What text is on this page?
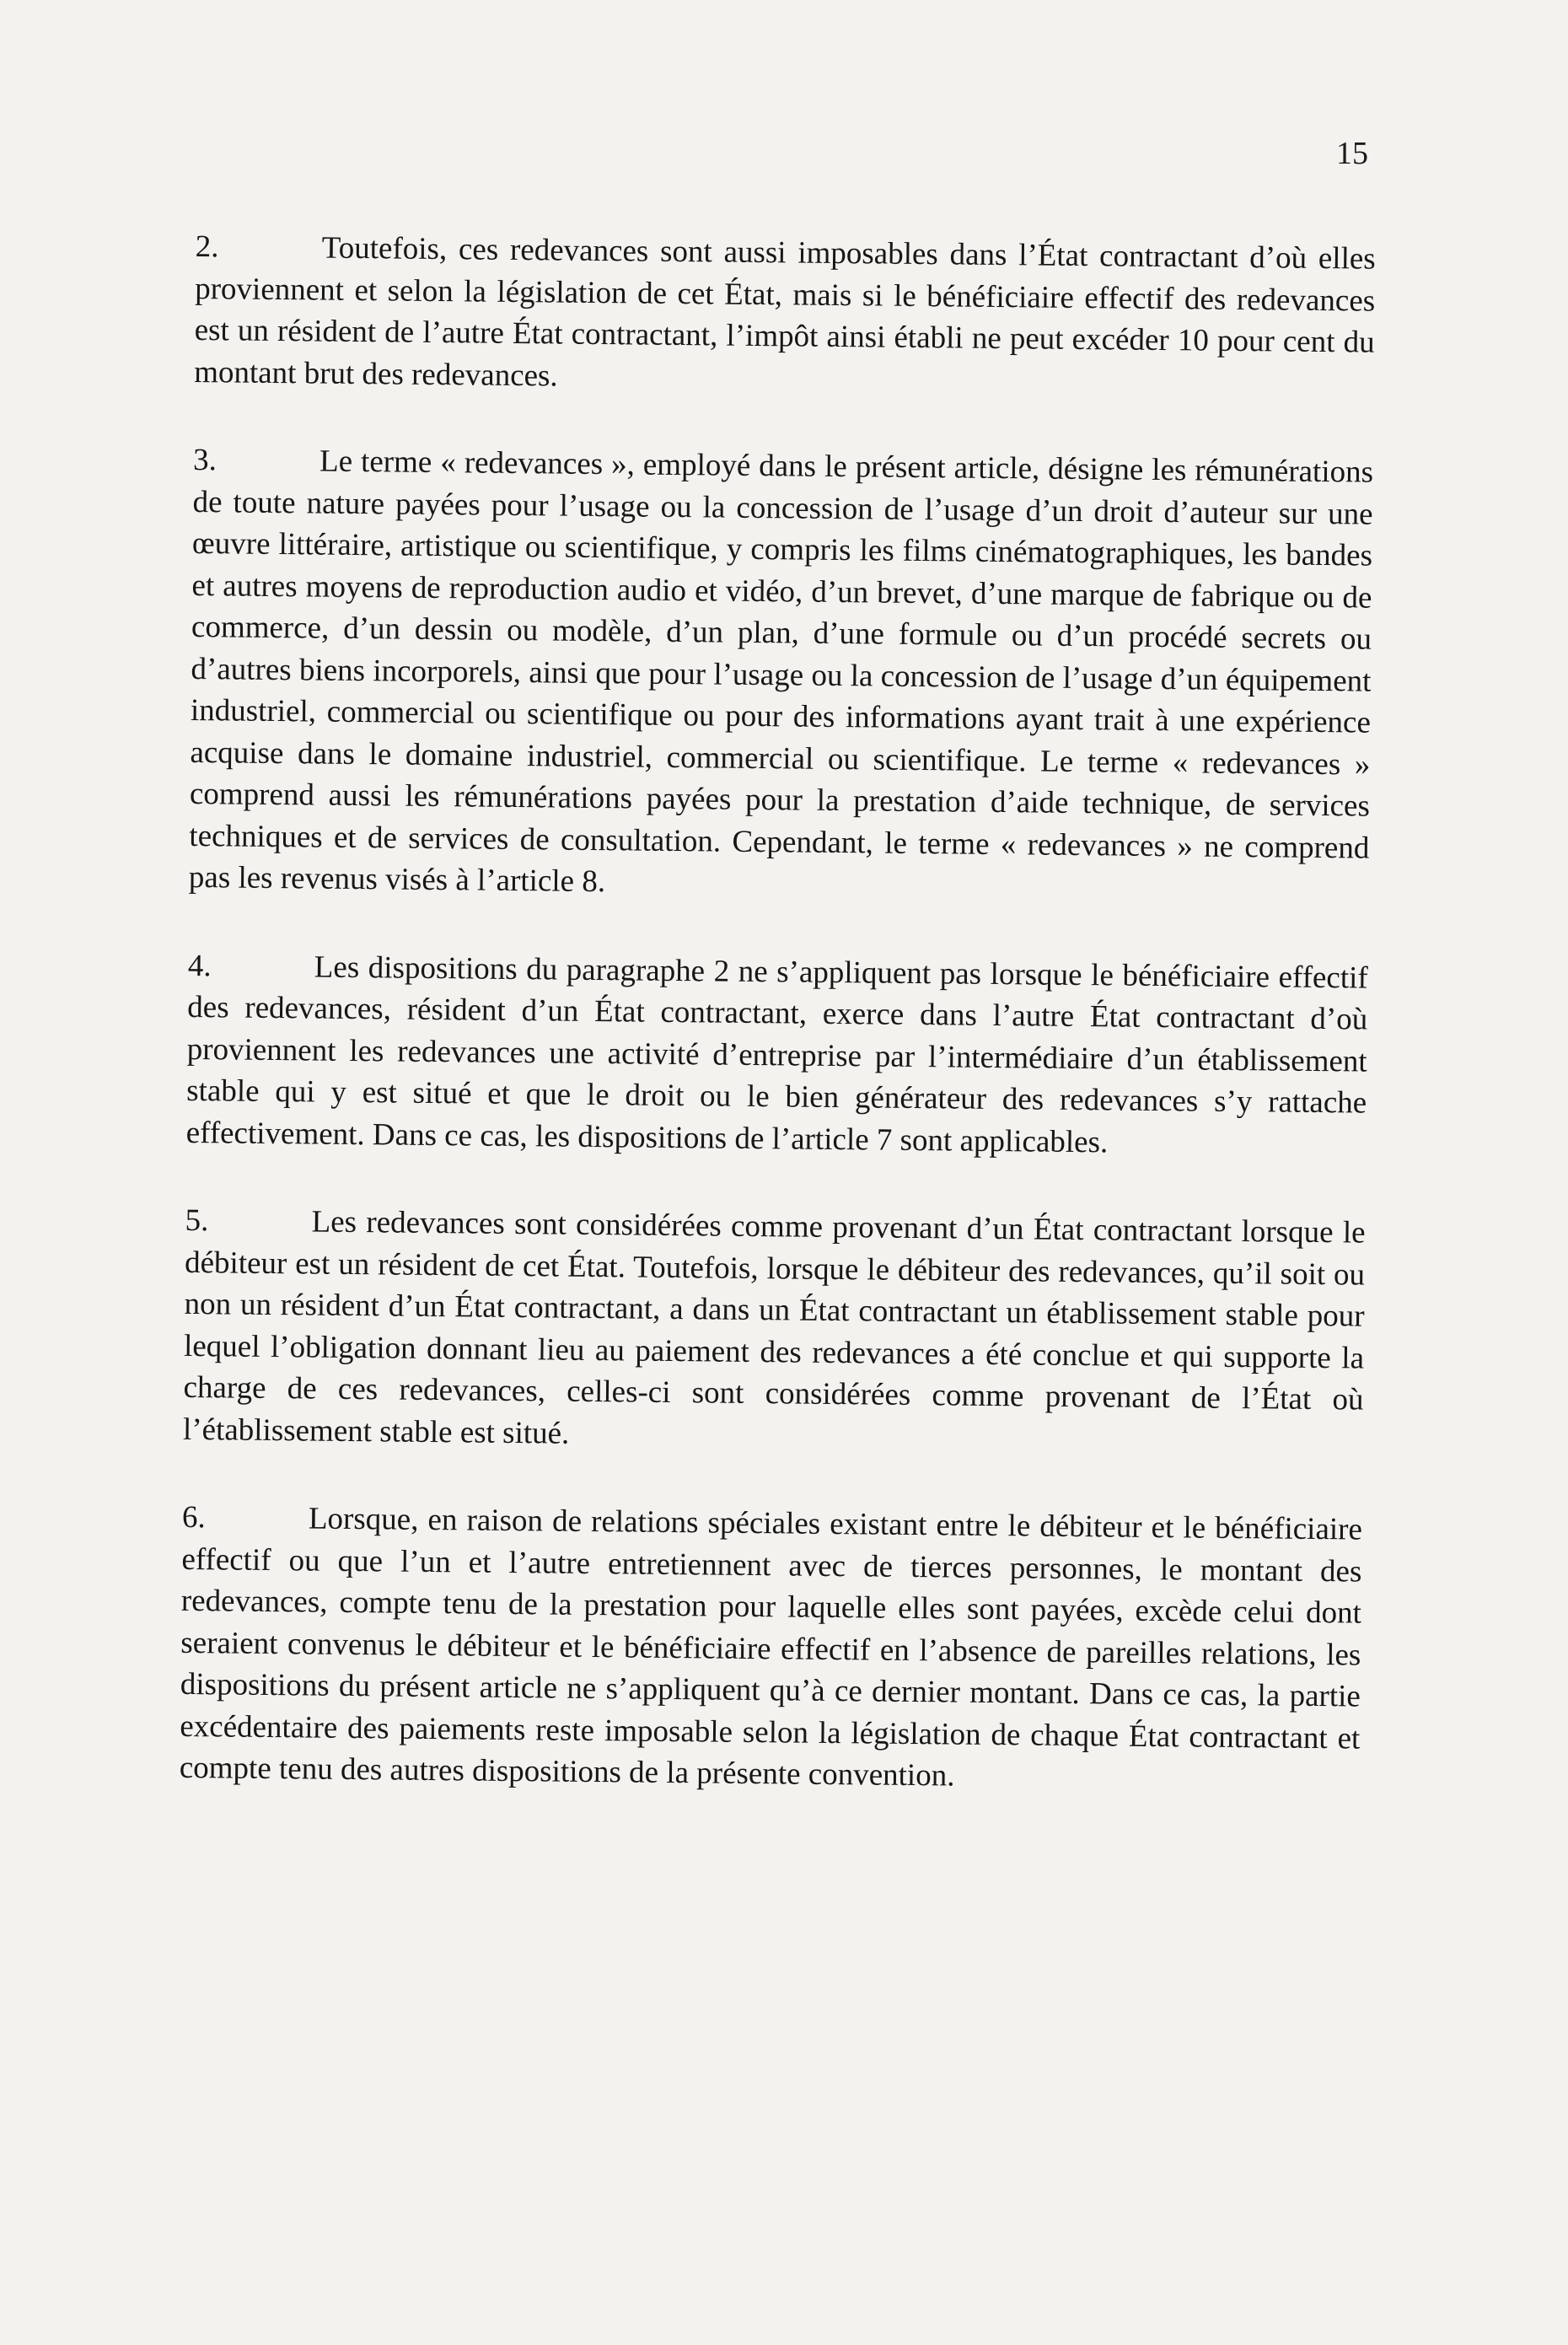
15

2.	Toutefois, ces redevances sont aussi imposables dans l’État contractant d’où elles proviennent et selon la législation de cet État, mais si le bénéficiaire effectif des redevances est un résident de l’autre État contractant, l’impôt ainsi établi ne peut excéder 10 pour cent du montant brut des redevances.

3.	Le terme « redevances », employé dans le présent article, désigne les rémunérations de toute nature payées pour l’usage ou la concession de l’usage d’un droit d’auteur sur une œuvre littéraire, artistique ou scientifique, y compris les films cinématographiques, les bandes et autres moyens de reproduction audio et vidéo, d’un brevet, d’une marque de fabrique ou de commerce, d’un dessin ou modèle, d’un plan, d’une formule ou d’un procédé secrets ou d’autres biens incorporels, ainsi que pour l’usage ou la concession de l’usage d’un équipement industriel, commercial ou scientifique ou pour des informations ayant trait à une expérience acquise dans le domaine industriel, commercial ou scientifique. Le terme « redevances » comprend aussi les rémunérations payées pour la prestation d’aide technique, de services techniques et de services de consultation. Cependant, le terme « redevances » ne comprend pas les revenus visés à l’article 8.

4.	Les dispositions du paragraphe 2 ne s’appliquent pas lorsque le bénéficiaire effectif des redevances, résident d’un État contractant, exerce dans l’autre État contractant d’où proviennent les redevances une activité d’entreprise par l’intermédiaire d’un établissement stable qui y est situé et que le droit ou le bien générateur des redevances s’y rattache effectivement. Dans ce cas, les dispositions de l’article 7 sont applicables.

5.	Les redevances sont considérées comme provenant d’un État contractant lorsque le débiteur est un résident de cet État. Toutefois, lorsque le débiteur des redevances, qu’il soit ou non un résident d’un État contractant, a dans un État contractant un établissement stable pour lequel l’obligation donnant lieu au paiement des redevances a été conclue et qui supporte la charge de ces redevances, celles-ci sont considérées comme provenant de l’État où l’établissement stable est situé.

6.	Lorsque, en raison de relations spéciales existant entre le débiteur et le bénéficiaire effectif ou que l’un et l’autre entretiennent avec de tierces personnes, le montant des redevances, compte tenu de la prestation pour laquelle elles sont payées, excède celui dont seraient convenus le débiteur et le bénéficiaire effectif en l’absence de pareilles relations, les dispositions du présent article ne s’appliquent qu’à ce dernier montant. Dans ce cas, la partie excédentaire des paiements reste imposable selon la législation de chaque État contractant et compte tenu des autres dispositions de la présente convention.
